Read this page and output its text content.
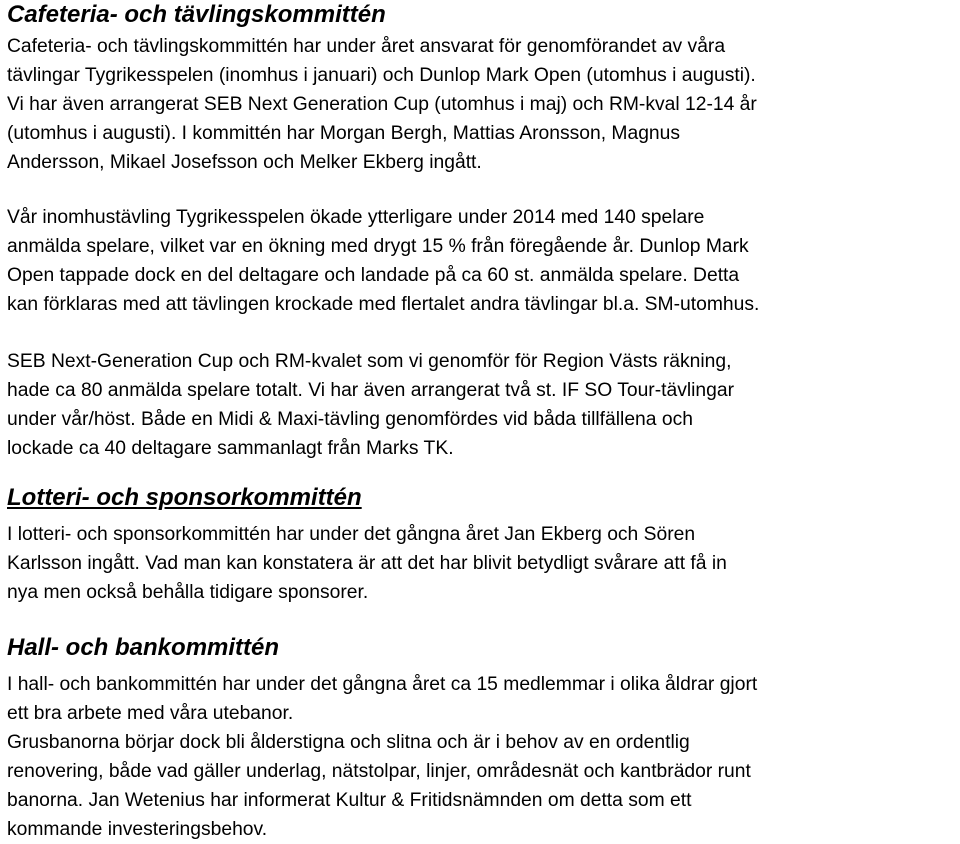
Cafeteria- och tävlingskommittén

Cafeteria- och tävlingskommittén har under året ansvarat för genomförandet av våra
tävlingar Tygrikesspelen (inomhus i januari) och Dunlop Mark Open (utomhus i augusti).
Vi har även arrangerat SEB Next Generation Cup (utomhus i maj) och RM-kval 12-14 år
(utomhus i augusti). I kommittén har Morgan Bergh, Mattias Aronsson, Magnus
Andersson, Mikael Josefsson och Melker Ekberg ingått.

Vår inomhustävling Tygrikesspelen ökade ytterligare under 2014 med 140 spelare
anmälda spelare, vilket var en ökning med drygt 15 % från föregående år. Dunlop Mark
Open tappade dock en del deltagare och landade på ca 60 st. anmälda spelare. Detta
kan förklaras med att tävlingen krockade med flertalet andra tävlingar bl.a. SM-utomhus.

SEB Next-Generation Cup och RM-kvalet som vi genomför för Region Västs räkning,
hade ca 80 anmälda spelare totalt. Vi har även arrangerat två st. IF SO Tour-tävlingar
under vår/höst. Både en Midi & Maxi-tävling genomfördes vid båda tillfällena och
lockade ca 40 deltagare sammanlagt från Marks TK.

Lotteri- och sponsorkommittén

I lotteri- och sponsorkommittén har under det gångna året Jan Ekberg och Sören
Karlsson ingått. Vad man kan konstatera är att det har blivit betydligt svårare att få in
nya men också behålla tidigare sponsorer.

Hall- och bankommittén

I hall- och bankommittén har under det gångna året ca 15 medlemmar i olika åldrar gjort
ett bra arbete med våra utebanor.

Grusbanorna börjar dock bli ålderstigna och slitna och är i behov av en ordentlig
renovering, både vad gäller underlag, nätstolpar, linjer, områdesnät och kantbrädor runt
banorna. Jan Wetenius har informerat Kultur & Fritidsnämnden om detta som ett
kommande investeringsbehov.
